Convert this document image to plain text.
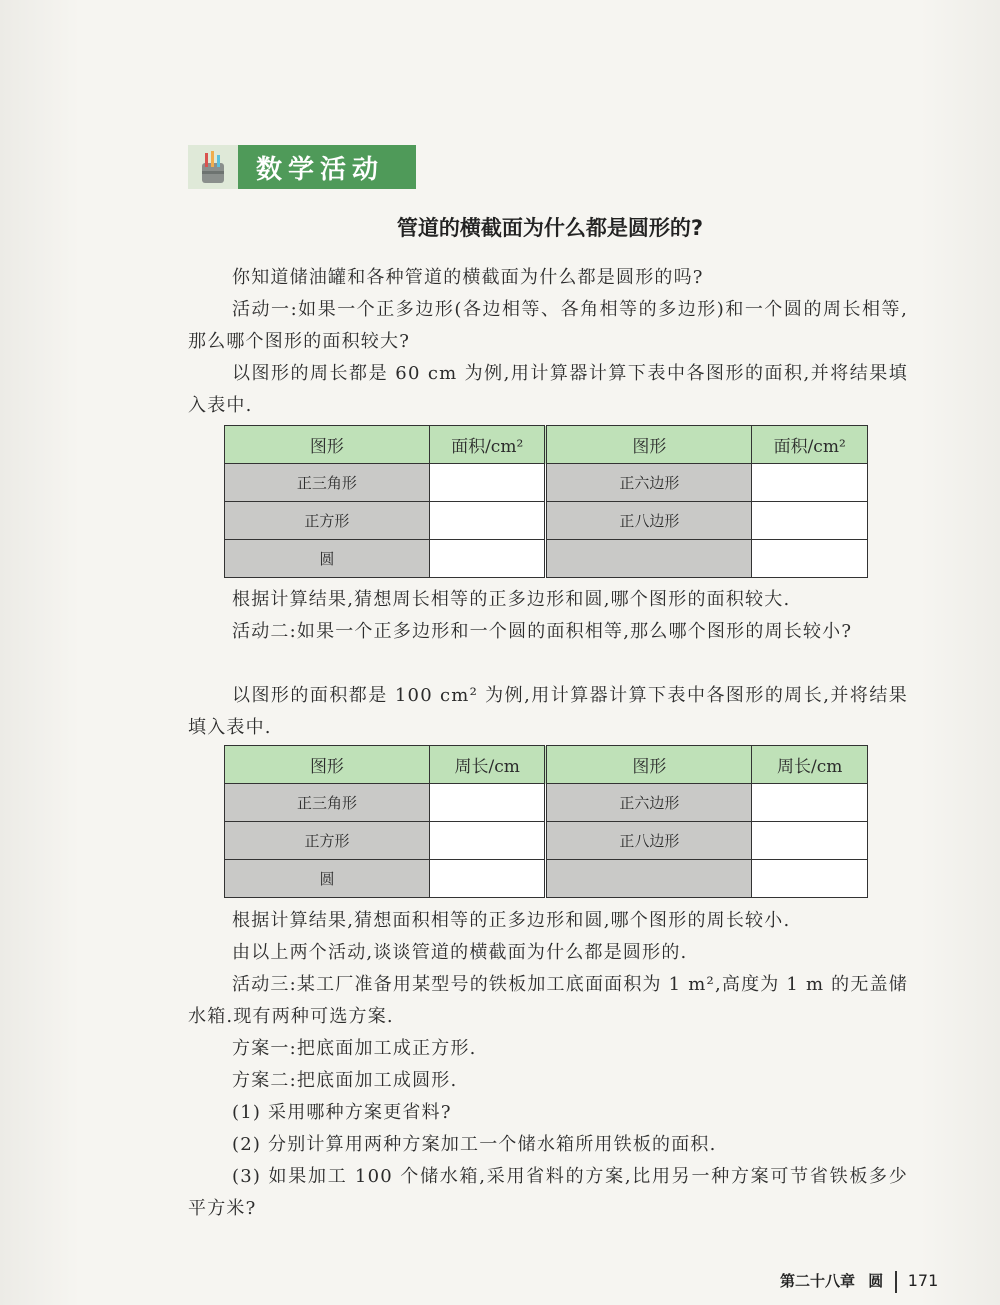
数学活动
管道的横截面为什么都是圆形的?

你知道储油罐和各种管道的横截面为什么都是圆形的吗?

活动一:如果一个正多边形(各边相等、各角相等的多边形)和一个圆的周长相等,那么哪个图形的面积较大?

以图形的周长都是 60 cm 为例,用计算器计算下表中各图形的面积,并将结果填入表中.

图形	面积/cm²	图形	面积/cm²
正三角形		正六边形	
正方形		正八边形	
圆			

根据计算结果,猜想周长相等的正多边形和圆,哪个图形的面积较大.

活动二:如果一个正多边形和一个圆的面积相等,那么哪个图形的周长较小?

以图形的面积都是 100 cm² 为例,用计算器计算下表中各图形的周长,并将结果填入表中.

图形	周长/cm	图形	周长/cm
正三角形		正六边形	
正方形		正八边形	
圆			

根据计算结果,猜想面积相等的正多边形和圆,哪个图形的周长较小.

由以上两个活动,谈谈管道的横截面为什么都是圆形的.

活动三:某工厂准备用某型号的铁板加工底面面积为 1 m²,高度为 1 m 的无盖储水箱.现有两种可选方案.

方案一:把底面加工成正方形.

方案二:把底面加工成圆形.

(1) 采用哪种方案更省料?

(2) 分别计算用两种方案加工一个储水箱所用铁板的面积.

(3) 如果加工 100 个储水箱,采用省料的方案,比用另一种方案可节省铁板多少平方米?

第二十八章 圆 171
